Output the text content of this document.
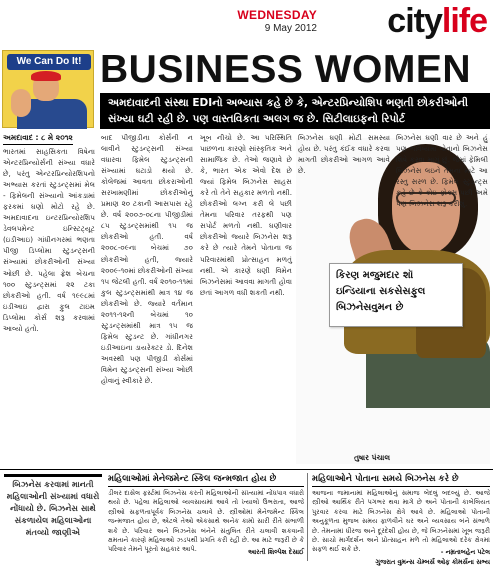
WEDNESDAY
9 May 2012 citylife
We Can Do It! BUSINESS WOMEN
અમદાવાદની સંસ્થા EDIનો અભ્યાસ કહે છે કે, એન્ટરપ્રિન્યોશિપ ભણતી છોકરીઓની સંખ્યા ઘટી રહી છે. પણ વાસ્તવિકતા અલગ જ છે. સિટીલાઇફનો રિપોર્ટ
અમદાવાદ : ૮ મે ૨૦૧૨
ભારતમાં સાહસિકતા વિષેના એન્ટરપ્રિન્યોર્સની સંખ્યા વધારે છે, પરંતુ એન્ટરપ્રિન્યોરશિપનો અભ્યાસ કરતાં સ્ટુડન્ટ્સમાં મેલ - ફિમેલની સંખ્યાનો આંકડામાં ફરકમાં ઘણો મોટો રહે છે. અમદાવાદના ઇન્ટરપ્રિન્યોરશિપ ડેવલપમેન્ટ ઇન્સ્ટિટ્યૂટ (ઇડીઆઇ) ગાંધીનગરમાં ભણતા પીજી ડિપ્લોમા સ્ટુડન્ટ્સની સંખ્યામાં છોકરીઓની સંખ્યા ઓછી છે. પહેલા ફ્રેશ બેચના ૧૦૦ સ્ટુડન્ટ્સમાં ૨૨ ટકા છોકરીઓ હતી. વર્ષ ૧૯૯૮માં ઇડીઆઇ દ્વારા ફુલ ટાઇમ ડિપ્લોમા કોર્સ શરૂ કરવામાં આવ્યો હતો.
બાદ પીજીડીના કોર્સની ન લાવીને સ્ટુડન્ટ્સની સંખ્યા વધારવા ફિમેલ સ્ટુડન્ટ્સની સંખ્યામાં ઘટાડો થયો છે. કોલેજમાં આવતા છોકરાઓની સરખામણીમાં છોકરીઓનું પ્રમાણ ૨૦ ટકાની આસપાસ રહે છે. વર્ષ ૨૦૦૭-૦૮ના પીજીડીમાં ૮૫ સ્ટુડન્ટ્સમાંથી ૧૫ જ છોકરીઓ હતી. વર્ષ ૨૦૦૮-૦૯ના બેચમાં ૭૦ છોકરીઓ હતી, જ્યારે ૨૦૦૯-૧૦માં છોકરીઓની સંખ્યા ૧૫ જેટલી હતી. વર્ષ ૨૦૧૦-૧૧માં કુલ સ્ટુડન્ટ્સમાંથી માત્ર ૧૪ જ છોકરીઓ છે. જ્યારે વર્તમાન ૨૦૧૧-૧૨ની બેચમાં ૧૦ સ્ટુડન્ટ્સમાંથી માત્ર ૧૫ જ ફિમેલ સ્ટુડન્ટ છે. ગાંધીનગર ઇડીઆઇના ડાયરેક્ટર ડો. દિનેશ અવસ્થી પણ પીજીડી કોર્સમાં વિમેન સ્ટુડન્ટ્સની સંખ્યા ઓછી હોવાનું સ્વીકારે છે.
ખૂબ નીચો છે. આ પરિસ્થિતિ પાછળના કારણો સાંસ્કૃતિક અને સામાજિક છે. તેઓ જણાવે છે કે, ભારત એક એવો દેશ છે જ્યાં ફિમેલ બિઝનેસ સાહસ કરે તો તેને સહકાર મળતો નથી. છોકરીઓ લગ્ન કરી લે પછી તેમના પરિવાર તરફથી પણ સપોર્ટ મળતો નથી. ઘણીવાર છોકરીઓ જ્યારે બિઝનેસ શરૂ કરે છે ત્યારે તેમને પોતાના જ પરિવારમાંથી પ્રોત્સાહન મળતું નથી. એ કારણે ઘણી વિમેન બિઝનેસમાં આવવા માગતી હોવા છતાં આગળ વધી શકતી નથી.
બિઝનેસ ઘણી મોટી સમસ્યા હોય છે. પરંતુ કંઈક વધારે કરવા માગતી છોકરીઓ આગળ આવે છે.
બિઝનેસ ઘણી વાર છે અને હું પણ ભવિષ્યમાં પોતાનો બિઝનેસ શિષે કરવા માગું છું. જેમાં ફેમિલી બિઝનેસ લઇને તેમના માટે આ રસ્તુ સરળ છે. ફિમેલ સ્ટુડન્ટ્સ કહે છે કે કોઇ ફોક્સ પછી અમે પણ બિઝનેસ શરૂ કરીશું.
કિરણ મજુમદાર શૉ ઇન્ડિયાના સકસેસફુલ બિઝનેસવુમન છે
તુષાર પંચાલ
બિઝનેસ કરવામાં માનતી મહિલાઓની સંખ્યામાં વધારો નોંધાયો છે. બિઝનેસ સાથે સંકળાયેલ મહિલાઓના મંતવ્યો જાણીએ
મહિલાઓમાં મેનેજમેન્ટ સ્કિલ જન્મજાત હોય છે
ડીલર દાસેલ ફર્સ્ટમાં બિઝનેસ કરતી મહિલાઓની સંખ્યામાં નોંધપાત્ર વધારો થયો છે. પહેલા મહિલાઓ વ્યવસાયમાં આવે તો ખ્યાલો ઉભરાતા, આજે સ્ત્રીઓ સફળતાપૂર્વક બિઝનેસ ચલાવે છે. સ્ત્રીઓમાં મેનેજમેન્ટ સ્કિલ જન્મજાત હોય છે, એટલે તેઓ એકસાથે અનેક કામો સારી રીતે સંભાળી શકે છે. પરિવાર અને બિઝનેસ બંનેને સંતુલિત રીતે ચલાવી શકવાની ક્ષમતાને કારણે મહિલાઓ ઝડપથી પ્રગતિ કરી રહી છે. આ માટે જરૂરી છે કે પરિવાર તેમને પૂરતો સહકાર આપે.	આરતી શિલ્પેશ દેસાઈ
મહિલાઓને પોતાના સમયે બિઝનેસ કરે છે
આજના જમાનામાં મહિલાઓનું સમાજ બેદલું બદલ્યું છે. આજે સ્ત્રીઓ આર્થિક રીતે પગભર થવા માગે છે અને પોતાની કાબેલિયત પુરવાર કરવા માટે બિઝનેસ ક્ષેત્રે આવે છે. મહિલાઓ પોતાની અનુકૂળતા મુજબ સમય ફાળવીને ઘર અને વ્યવસાય બંને સંભાળે છે. તેમનામાં ધીરજ અને દૂરંદેશી હોય છે, જે બિઝનેસમાં ખૂબ જરૂરી છે. સાચો માર્ગદર્શન અને પ્રોત્સાહન મળે તો મહિલાઓ દરેક ક્ષેત્રમાં સફળ થઈ શકે છે.	- નમ્રતાબહેન પટેલ
ગુજરાત વુમન્સ ચેમ્બર્સ ઓફ કોમર્સના સભ્ય
